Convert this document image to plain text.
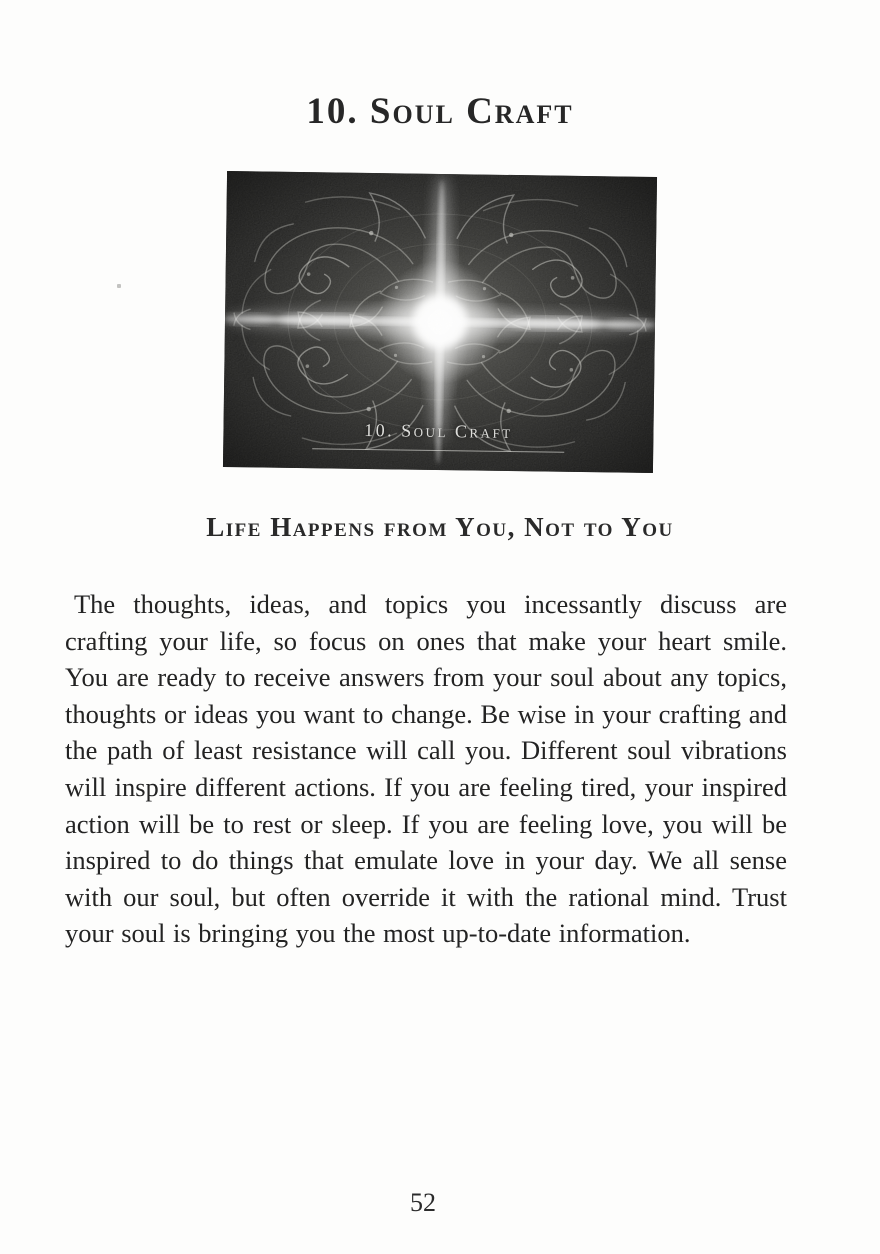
10. Soul Craft
10. Soul Craft
Life Happens from You, Not to You

The thoughts, ideas, and topics you incessantly discuss are crafting your life, so focus on ones that make your heart smile. You are ready to receive answers from your soul about any topics, thoughts or ideas you want to change. Be wise in your crafting and the path of least resistance will call you. Different soul vibrations will inspire different actions. If you are feeling tired, your inspired action will be to rest or sleep. If you are feeling love, you will be inspired to do things that emulate love in your day. We all sense with our soul, but often override it with the rational mind. Trust your soul is bringing you the most up-to-date information.

52
